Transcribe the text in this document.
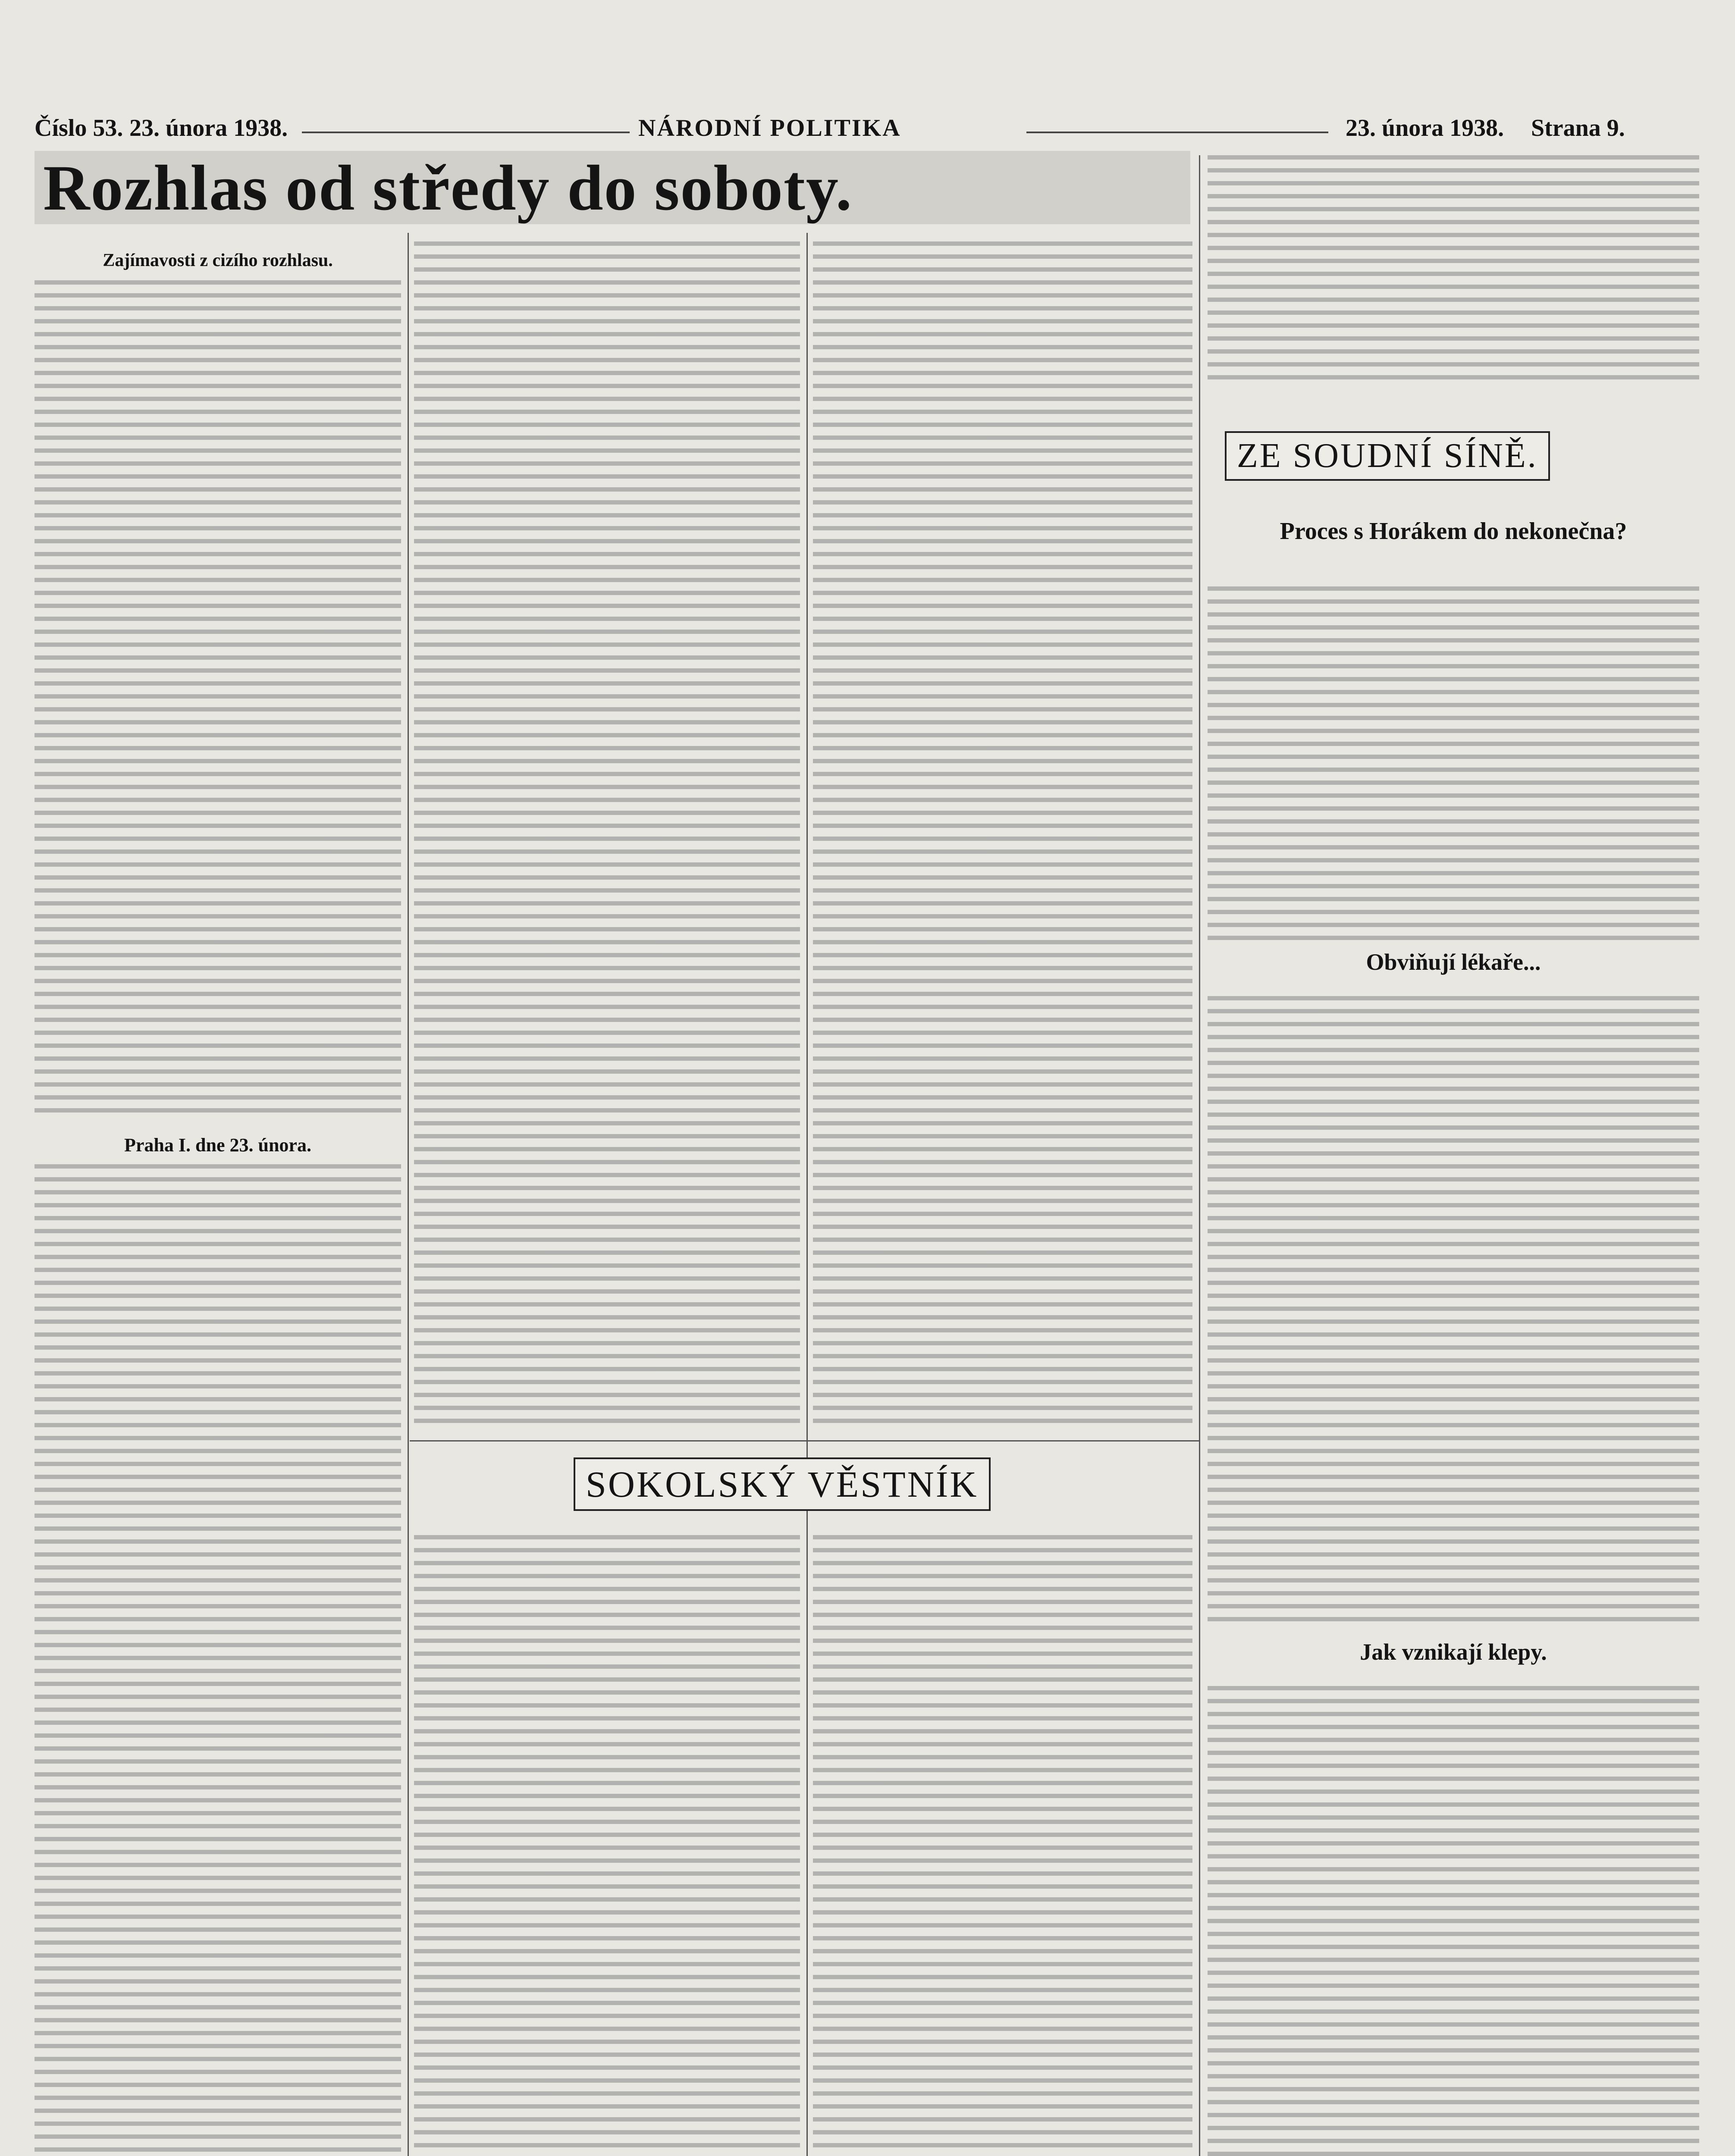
Číslo 53. 23. února 1938.	NÁRODNÍ POLITIKA	23. února 1938. Strana 9.
Rozhlas od středy do soboty.
Zajímavosti z cizího rozhlasu.
Praha I. dne 23. února.
SOKOLSKÝ VĚSTNÍK
ZE SOUDNÍ SÍNĚ.
Proces s Horákem do nekonečna?
Obviňují lékaře...
Jak vznikají klepy.
